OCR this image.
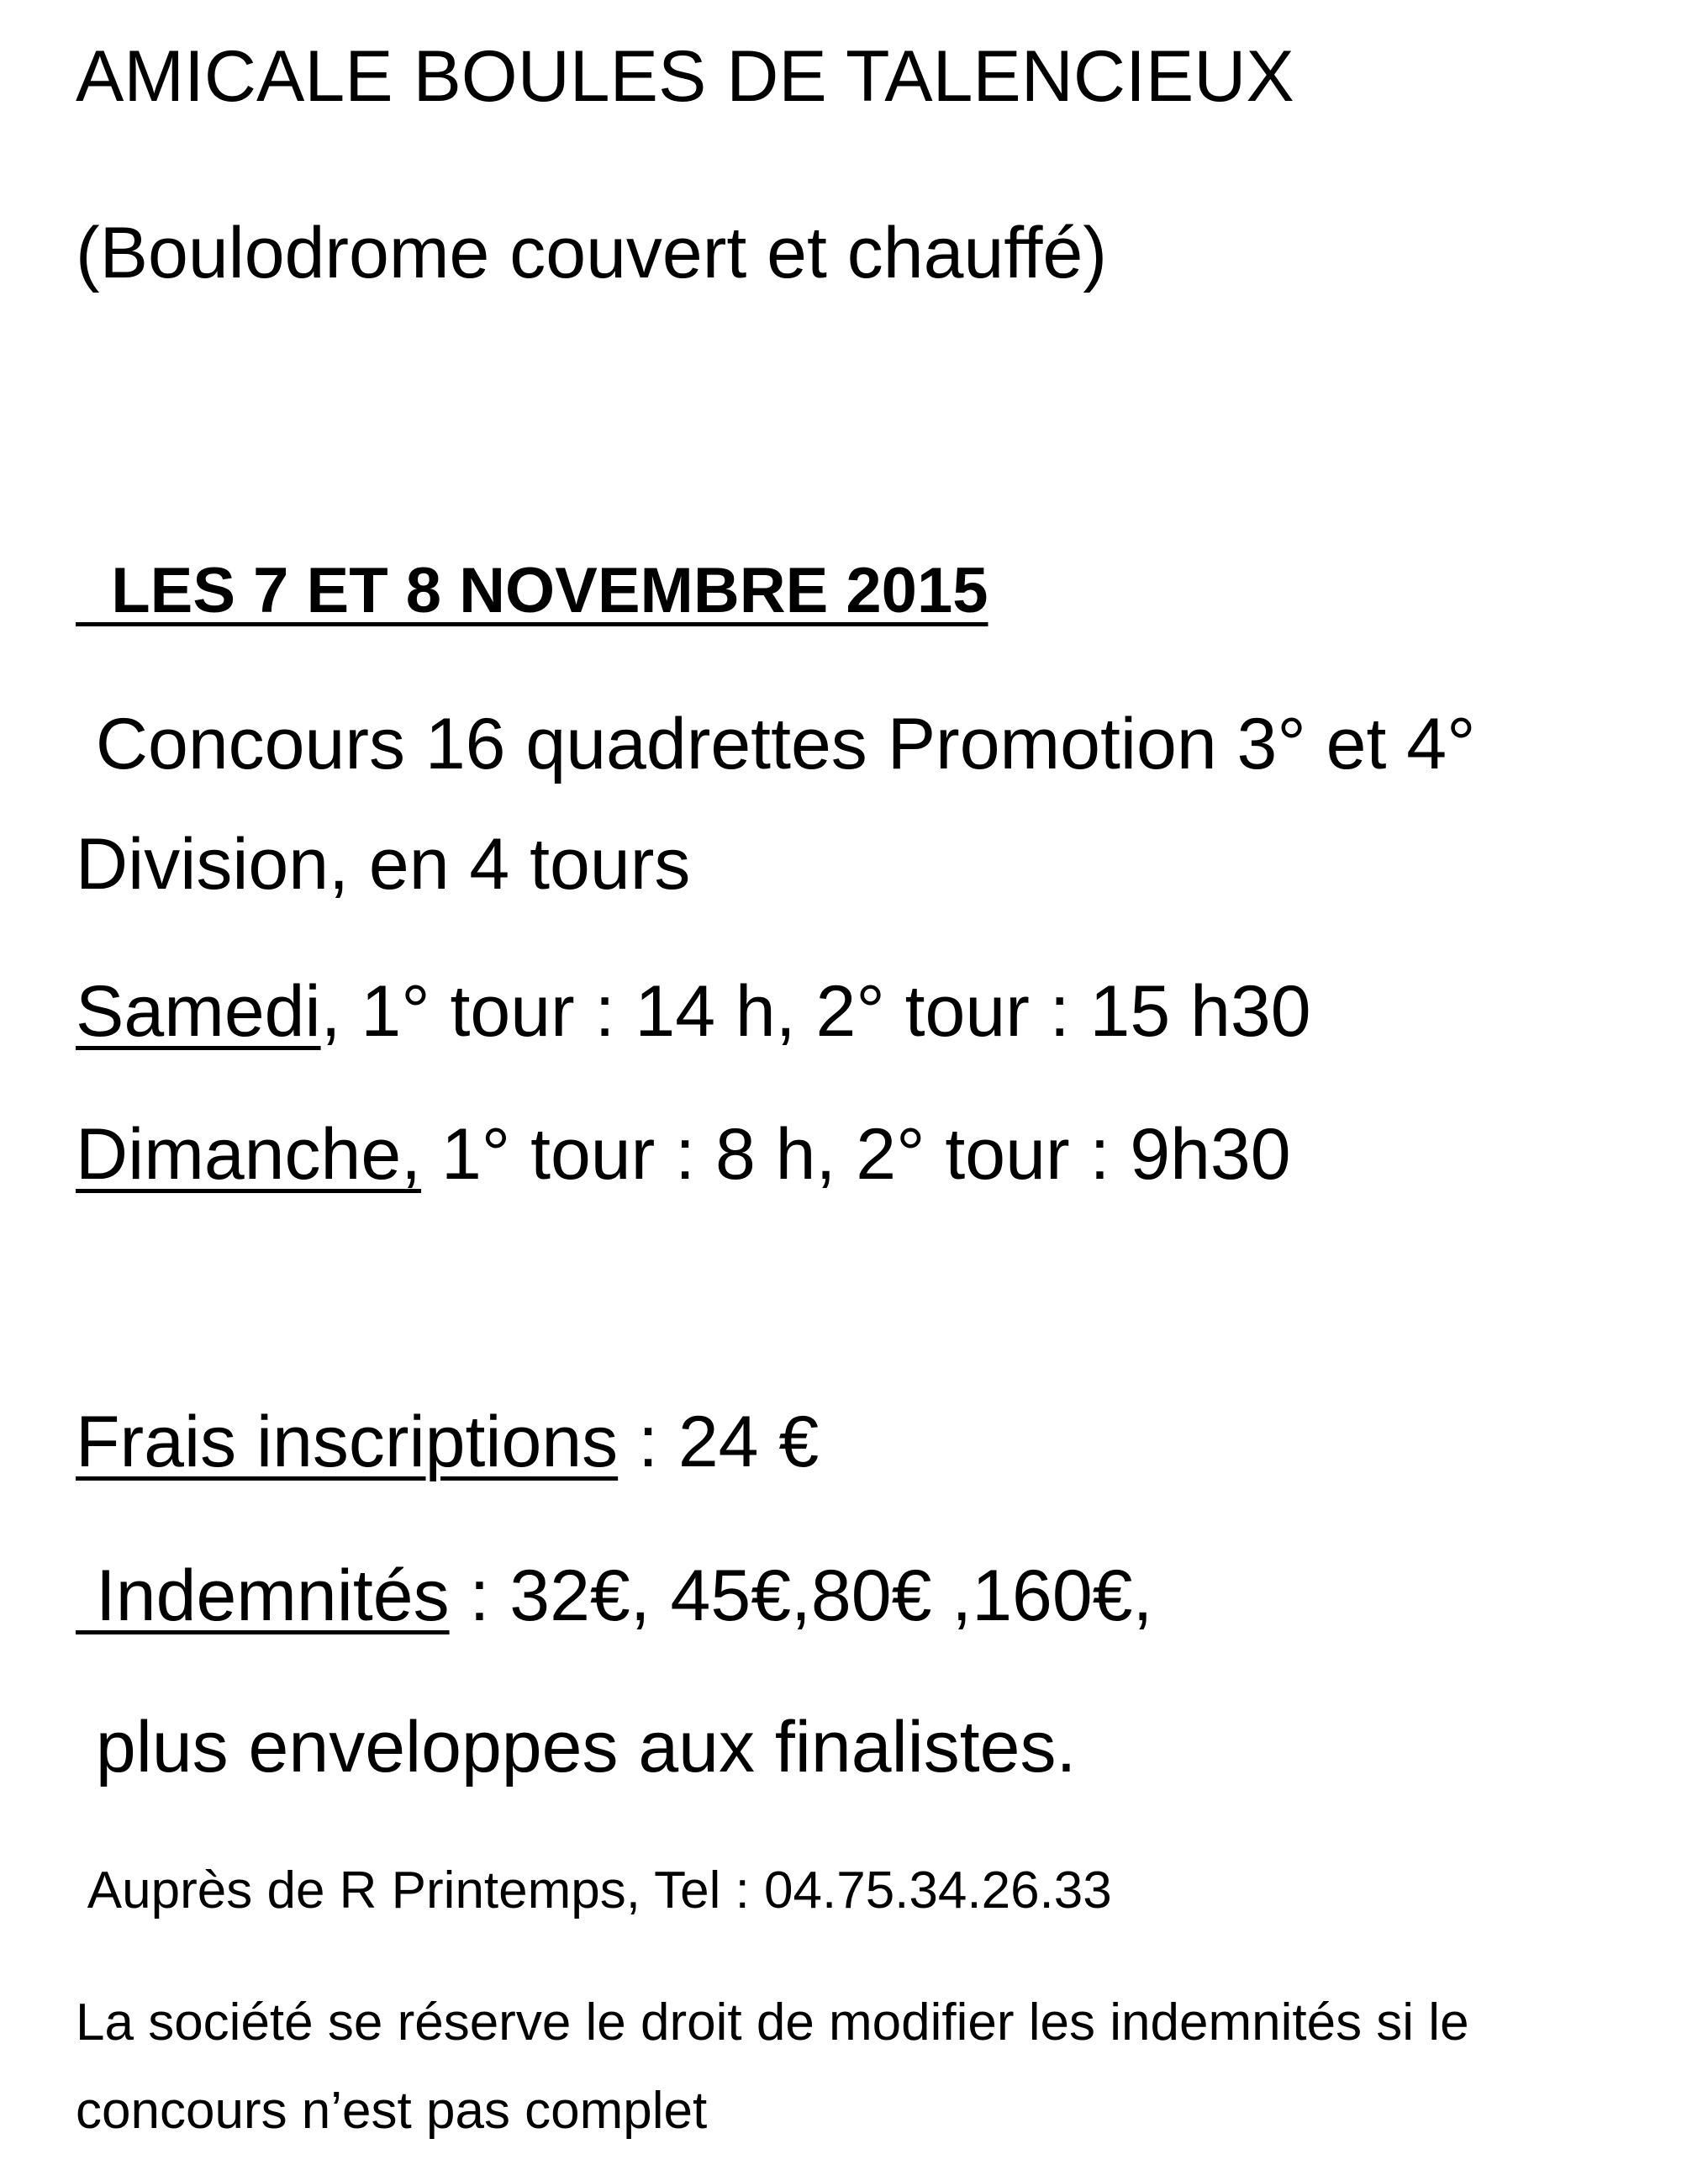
AMICALE BOULES DE TALENCIEUX

(Boulodrome couvert et chauffé)

LES 7 ET 8 NOVEMBRE 2015

Concours 16 quadrettes Promotion 3° et 4°

Division, en 4 tours

Samedi, 1° tour : 14 h, 2° tour : 15 h30

Dimanche, 1° tour : 8 h, 2° tour : 9h30

Frais inscriptions : 24 €

Indemnités : 32€, 45€,80€ ,160€,

plus enveloppes aux finalistes.

Auprès de R Printemps, Tel : 04.75.34.26.33

La société se réserve le droit de modifier les indemnités si le

concours n’est pas complet
